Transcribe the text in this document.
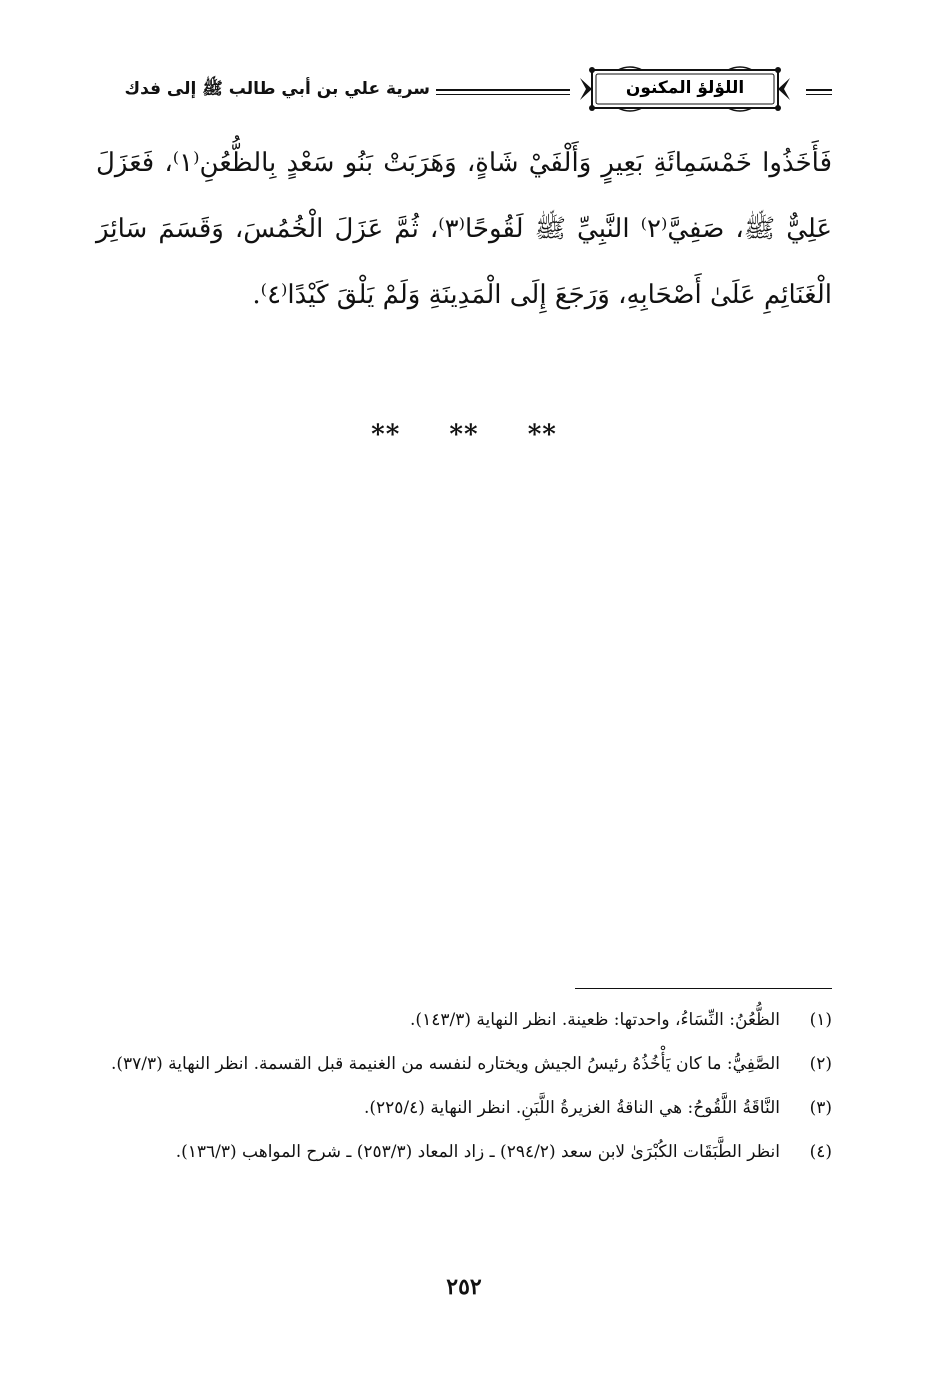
اللؤلؤ المكنون
سرية علي بن أبي طالب ﷺ إلى فدك

فَأَخَذُوا خَمْسَمِائَةِ بَعِيرٍ وَأَلْفَيْ شَاةٍ، وَهَرَبَتْ بَنُو سَعْدٍ بِالظُّعُنِ⁽١⁾، فَعَزَلَ عَلِيٌّ ﷺ، صَفِيَّ⁽٢⁾ النَّبِيِّ ﷺ لَقُوحًا⁽٣⁾، ثُمَّ عَزَلَ الْخُمُسَ، وَقَسَمَ سَائِرَ الْغَنَائِمِ عَلَىٰ أَصْحَابِهِ، وَرَجَعَ إِلَى الْمَدِينَةِ وَلَمْ يَلْقَ كَيْدًا⁽٤⁾.

** ** **
(١)
الظُّعُنُ: النِّسَاءُ، واحدتها: ظعينة. انظر النهاية (١٤٣/٣).
(٢)
الصَّفِيُّ: ما كان يَأْخُذُهُ رئيسُ الجيش ويختاره لنفسه من الغنيمة قبل القسمة. انظر النهاية (٣٧/٣).
(٣)
النَّاقَةُ اللَّقُوحُ: هي الناقةُ الغزيرةُ اللَّبَنِ. انظر النهاية (٢٢٥/٤).
(٤)
انظر الطَّبَقَات الكُبْرَىٰ لابن سعد (٢٩٤/٢) ـ زاد المعاد (٢٥٣/٣) ـ شرح المواهب (١٣٦/٣).
٢٥٢
